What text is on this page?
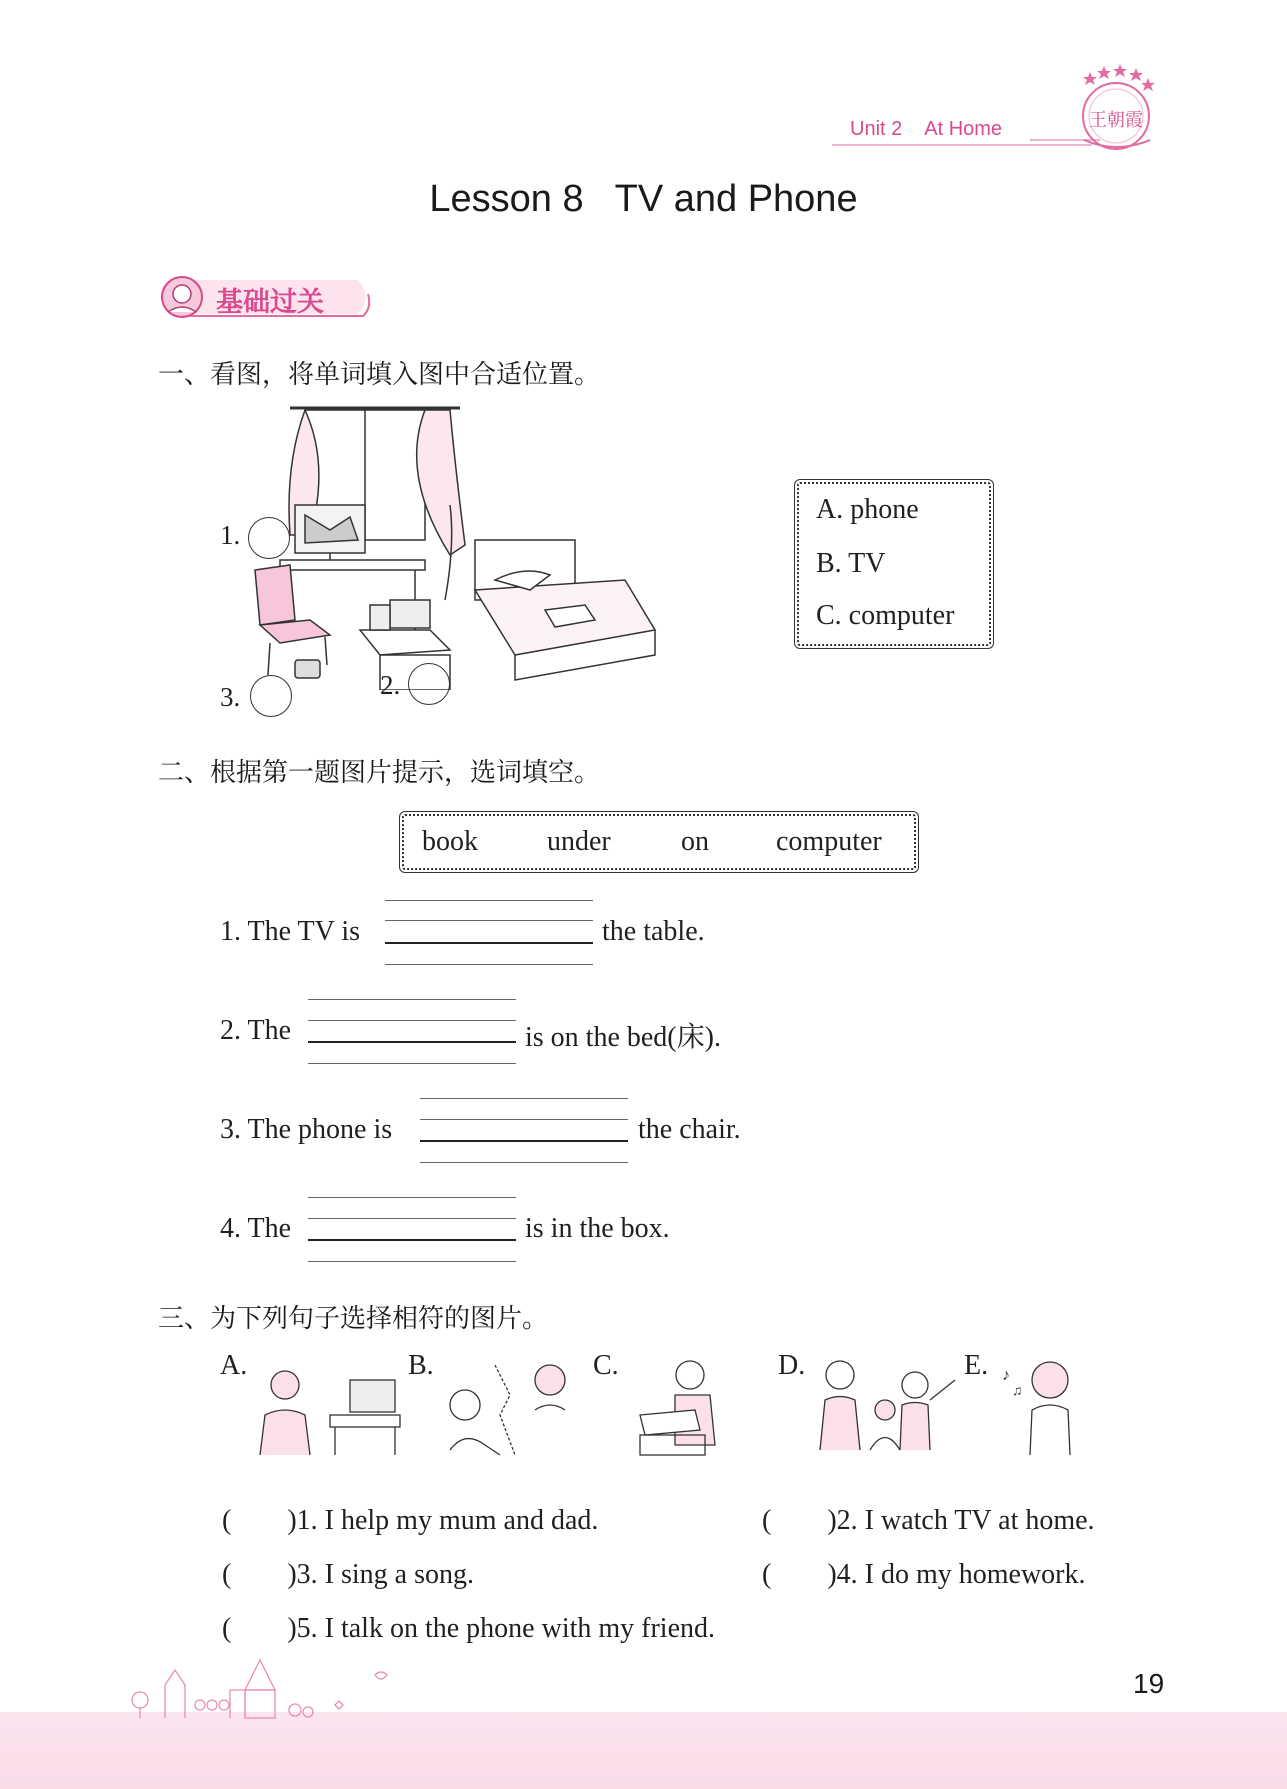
Unit 2 At Home	王朝霞
Lesson 8   TV and Phone
基础过关
一、看图，将单词填入图中合适位置。
1.
2.
3.
A. phone
B. TV
C. computer
二、根据第一题图片提示，选词填空。
book under	on computer
1. The TV is	the table.
2. The	is on the bed(床).
3. The phone is	the chair.
4. The	is in the box.
三、为下列句子选择相符的图片。
A.	B.	C.	D.	E. ♪
♫
(        )1. I help my mum and dad.	(        )2. I watch TV at home.
(        )3. I sing a song.	(        )4. I do my homework.
(        )5. I talk on the phone with my friend.
19
